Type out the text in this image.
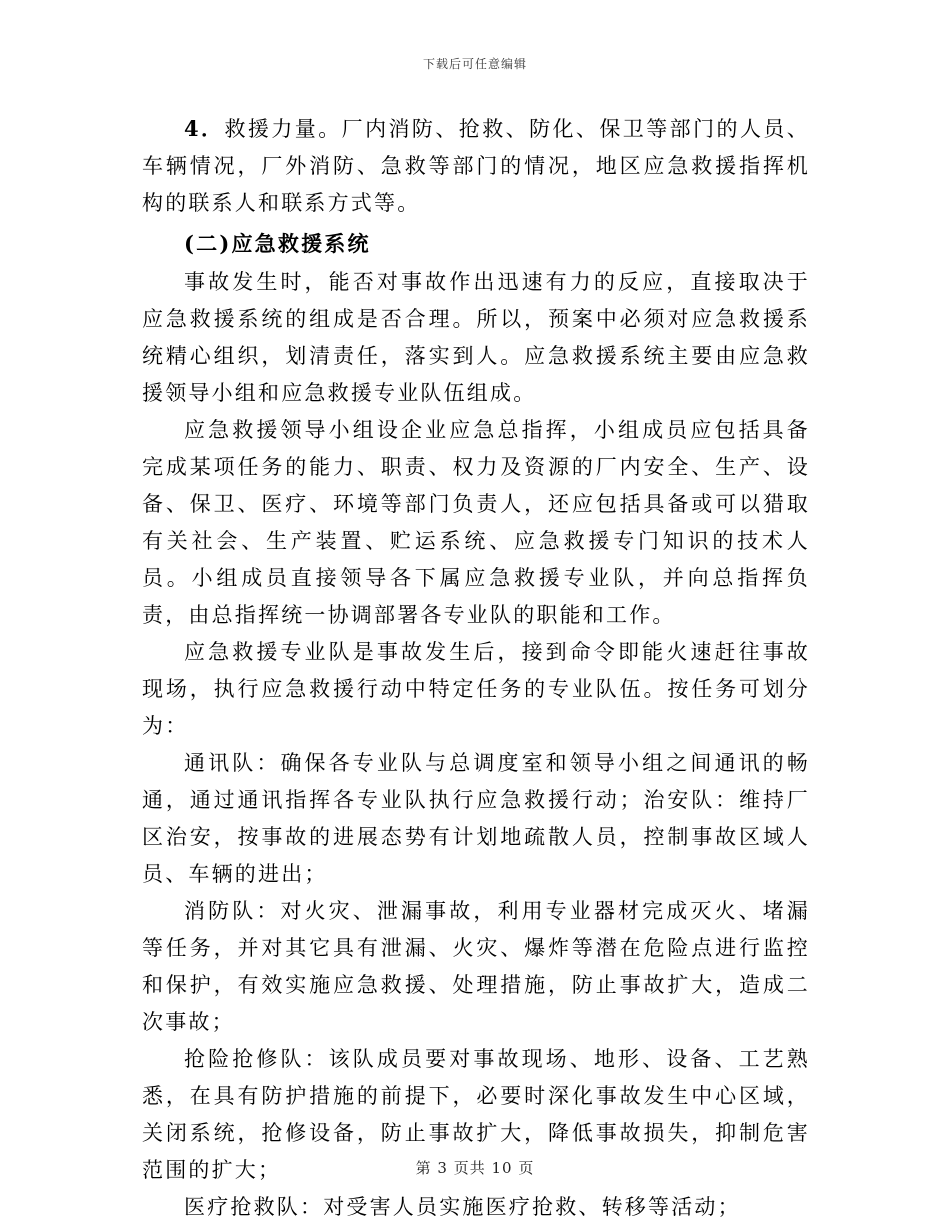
下载后可任意编辑

4．救援力量。厂内消防、抢救、防化、保卫等部门的人员、车辆情况，厂外消防、急救等部门的情况，地区应急救援指挥机构的联系人和联系方式等。

(二)应急救援系统

事故发生时，能否对事故作出迅速有力的反应，直接取决于应急救援系统的组成是否合理。所以，预案中必须对应急救援系统精心组织，划清责任，落实到人。应急救援系统主要由应急救援领导小组和应急救援专业队伍组成。

应急救援领导小组设企业应急总指挥，小组成员应包括具备完成某项任务的能力、职责、权力及资源的厂内安全、生产、设备、保卫、医疗、环境等部门负责人，还应包括具备或可以猎取有关社会、生产装置、贮运系统、应急救援专门知识的技术人员。小组成员直接领导各下属应急救援专业队，并向总指挥负责，由总指挥统一协调部署各专业队的职能和工作。

应急救援专业队是事故发生后，接到命令即能火速赶往事故现场，执行应急救援行动中特定任务的专业队伍。按任务可划分为：

通讯队：确保各专业队与总调度室和领导小组之间通讯的畅通，通过通讯指挥各专业队执行应急救援行动；治安队：维持厂区治安，按事故的进展态势有计划地疏散人员，控制事故区域人员、车辆的进出；

消防队：对火灾、泄漏事故，利用专业器材完成灭火、堵漏等任务，并对其它具有泄漏、火灾、爆炸等潜在危险点进行监控和保护，有效实施应急救援、处理措施，防止事故扩大，造成二次事故；

抢险抢修队：该队成员要对事故现场、地形、设备、工艺熟悉，在具有防护措施的前提下，必要时深化事故发生中心区域，关闭系统，抢修设备，防止事故扩大，降低事故损失，抑制危害范围的扩大；

医疗抢救队：对受害人员实施医疗抢救、转移等活动；

第 3 页共 10 页
